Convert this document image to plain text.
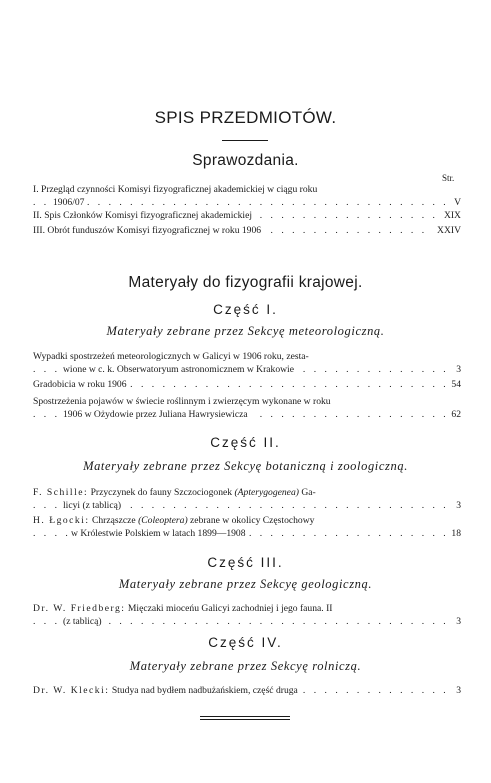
SPIS PRZEDMIOTÓW.
Sprawozdania.
Str.
I. Przegląd czynności Komisyi fizyograficznej akademickiej w ciągu roku
1906/07	V
. . .
II. Spis Członków Komisyi fizyograficznej akademickiej	XIX
. . .
III. Obrót funduszów Komisyi fizyograficznej w roku 1906	XXIV
. . .
Materyały do fizyografii krajowej.
Część I.
Materyały zebrane przez Sekcyę meteorologiczną.
Wypadki spostrzeżeń meteorologicznych w Galicyi w 1906 roku, zesta-
wione w c. k. Obserwatoryum astronomicznem w Krakowie	3
. . .
Gradobicia w roku 1906	54
. . .
Spostrzeżenia pojawów w świecie roślinnym i zwierzęcym wykonane w roku
1906 w Ożydowie przez Juliana Hawrysiewicza	62
. . .
Część II.
Materyały zebrane przez Sekcyę botaniczną i zoologiczną.
F. Schille: Przyczynek do fauny Szczociogonek (Apterygogenea) Ga-
licyi (z tablicą)	3
. . .
H. Łgocki: Chrząszcze (Coleoptera) zebrane w okolicy Częstochowy
w Królestwie Polskiem w latach 1899—1908	18
. . .
Część III.
Materyały zebrane przez Sekcyę geologiczną.
Dr. W. Friedberg: Mięczaki mioceńu Galicyi zachodniej i jego fauna. II
(z tablicą)	3
. . .
Część IV.
Materyały zebrane przez Sekcyę rolniczą.
Dr. W. Klecki: Studya nad bydłem nadbużańskiem, część druga	3
. . .
